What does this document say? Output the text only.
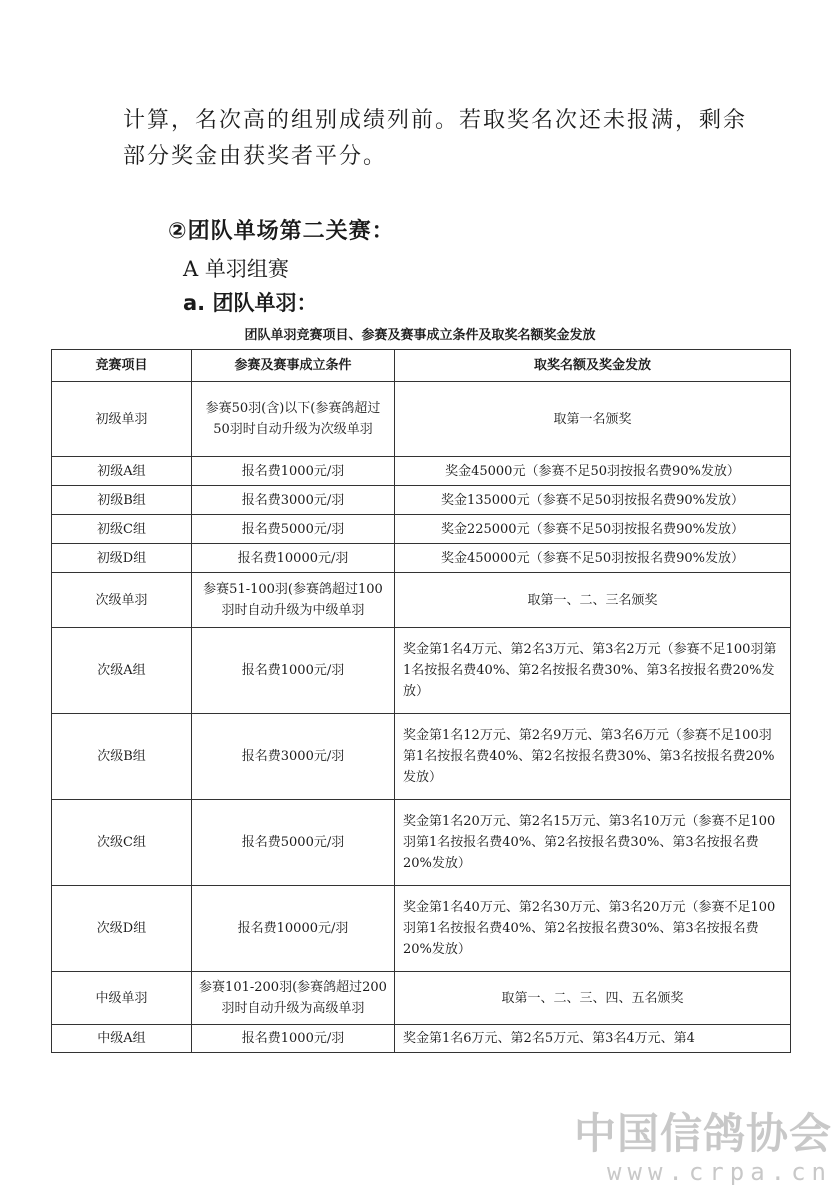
计算，名次高的组别成绩列前。若取奖名次还未报满，剩余
部分奖金由获奖者平分。
②团队单场第二关赛：
A 单羽组赛
a. 团队单羽：
团队单羽竞赛项目、参赛及赛事成立条件及取奖名额奖金发放
竞赛项目	参赛及赛事成立条件	取奖名额及奖金发放
初级单羽	参赛50羽(含)以下(参赛鸽超过50羽时自动升级为次级单羽	取第一名颁奖
初级A组	报名费1000元/羽	奖金45000元（参赛不足50羽按报名费90%发放）
初级B组	报名费3000元/羽	奖金135000元（参赛不足50羽按报名费90%发放）
初级C组	报名费5000元/羽	奖金225000元（参赛不足50羽按报名费90%发放）
初级D组	报名费10000元/羽	奖金450000元（参赛不足50羽按报名费90%发放）
次级单羽	参赛51-100羽(参赛鸽超过100羽时自动升级为中级单羽	取第一、二、三名颁奖
次级A组	报名费1000元/羽	奖金第1名4万元、第2名3万元、第3名2万元（参赛不足100羽第1名按报名费40%、第2名按报名费30%、第3名按报名费20%发放）
次级B组	报名费3000元/羽	奖金第1名12万元、第2名9万元、第3名6万元（参赛不足100羽第1名按报名费40%、第2名按报名费30%、第3名按报名费20%发放）
次级C组	报名费5000元/羽	奖金第1名20万元、第2名15万元、第3名10万元（参赛不足100羽第1名按报名费40%、第2名按报名费30%、第3名按报名费20%发放）
次级D组	报名费10000元/羽	奖金第1名40万元、第2名30万元、第3名20万元（参赛不足100羽第1名按报名费40%、第2名按报名费30%、第3名按报名费20%发放）
中级单羽	参赛101-200羽(参赛鸽超过200羽时自动升级为高级单羽	取第一、二、三、四、五名颁奖
中级A组	报名费1000元/羽	奖金第1名6万元、第2名5万元、第3名4万元、第4
中国信鸽协会
www.crpa.cn
